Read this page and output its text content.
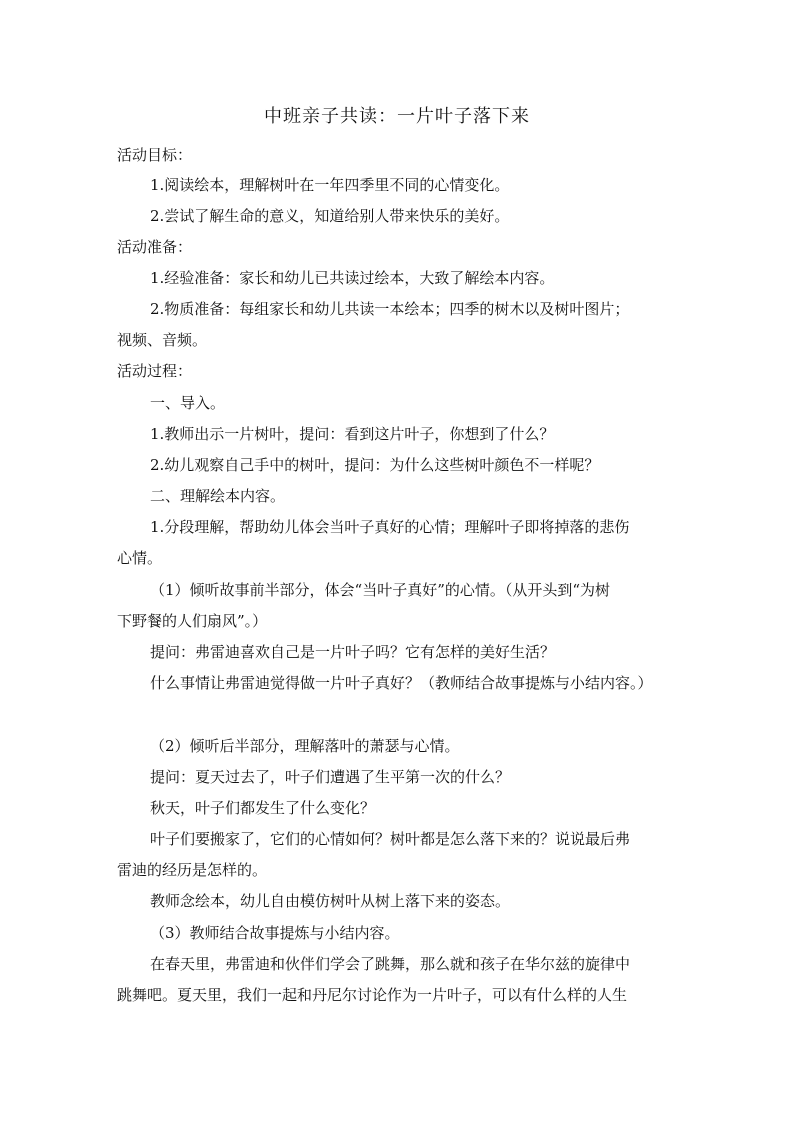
中班亲子共读：一片叶子落下来
活动目标：
1.阅读绘本，理解树叶在一年四季里不同的心情变化。
2.尝试了解生命的意义，知道给别人带来快乐的美好。
活动准备：
1.经验准备：家长和幼儿已共读过绘本，大致了解绘本内容。
2.物质准备：每组家长和幼儿共读一本绘本；四季的树木以及树叶图片；
视频、音频。
活动过程：
一、导入。
1.教师出示一片树叶，提问：看到这片叶子，你想到了什么？
2.幼儿观察自己手中的树叶，提问：为什么这些树叶颜色不一样呢？
二、理解绘本内容。
1.分段理解，帮助幼儿体会当叶子真好的心情；理解叶子即将掉落的悲伤
心情。
（1）倾听故事前半部分，体会“当叶子真好”的心情。（从开头到“为树
下野餐的人们扇风”。）
提问：弗雷迪喜欢自己是一片叶子吗？它有怎样的美好生活？
什么事情让弗雷迪觉得做一片叶子真好？（教师结合故事提炼与小结内容。）
（2）倾听后半部分，理解落叶的萧瑟与心情。
提问：夏天过去了，叶子们遭遇了生平第一次的什么？
秋天，叶子们都发生了什么变化？
叶子们要搬家了，它们的心情如何？树叶都是怎么落下来的？说说最后弗
雷迪的经历是怎样的。
教师念绘本，幼儿自由模仿树叶从树上落下来的姿态。
（3）教师结合故事提炼与小结内容。
在春天里，弗雷迪和伙伴们学会了跳舞，那么就和孩子在华尔兹的旋律中
跳舞吧。夏天里，我们一起和丹尼尔讨论作为一片叶子，可以有什么样的人生
